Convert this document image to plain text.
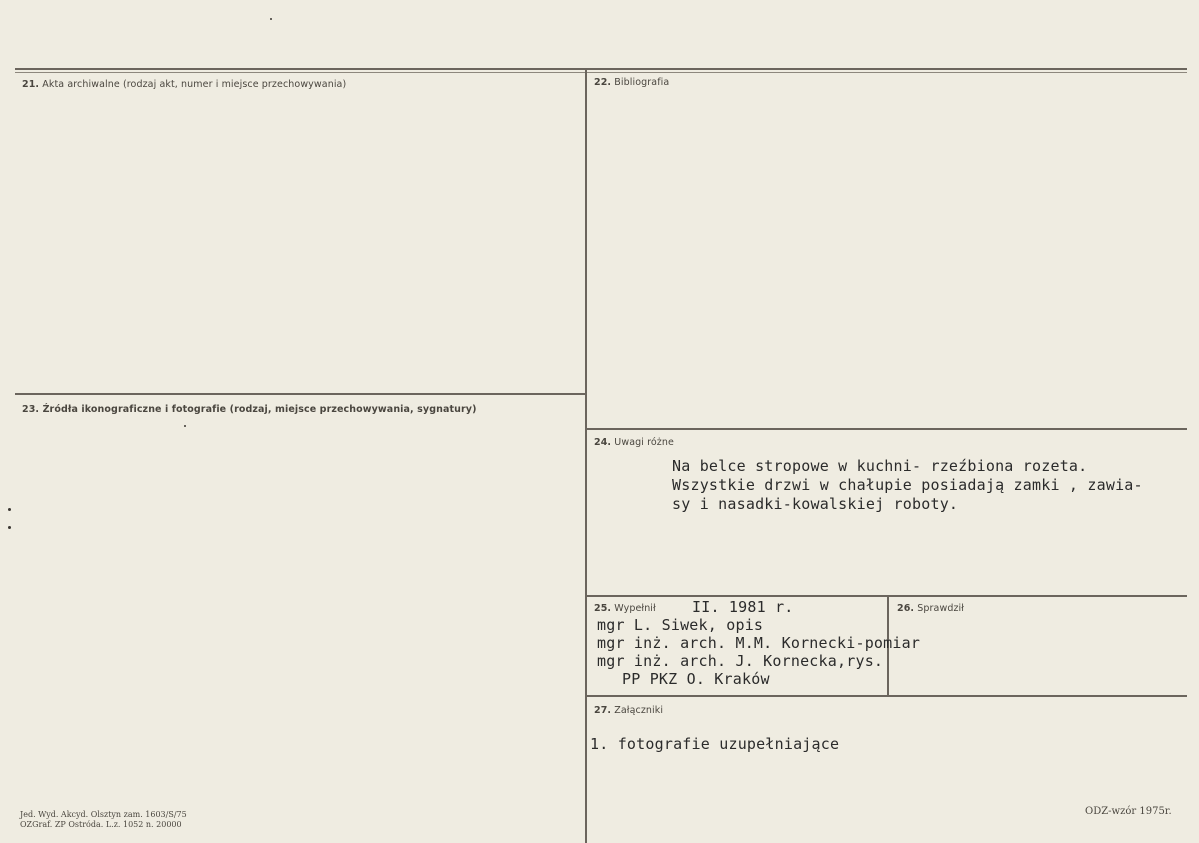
21. Akta archiwalne (rodzaj akt, numer i miejsce przechowywania)	22. Bibliografia
23. Źródła ikonograficzne i fotografie (rodzaj, miejsce przechowywania, sygnatury)
24. Uwagi różne
Na belce stropowe w kuchni- rzeźbiona rozeta.
Wszystkie drzwi w chałupie posiadają zamki , zawia-
sy i nasadki-kowalskiej roboty.
25. Wypełnił II. 1981 r.
mgr L. Siwek, opis
mgr inż. arch. M.M. Kornecki-pomiar
mgr inż. arch. J. Kornecka,rys.
PP PKZ O. Kraków
26. Sprawdził
27. Załączniki
1. fotografie uzupełniające
Jed. Wyd. Akcyd. Olsztyn zam. 1603/S/75
OZGraf. ZP Ostróda. L.z. 1052 n. 20000
ODZ-wzór 1975r.
